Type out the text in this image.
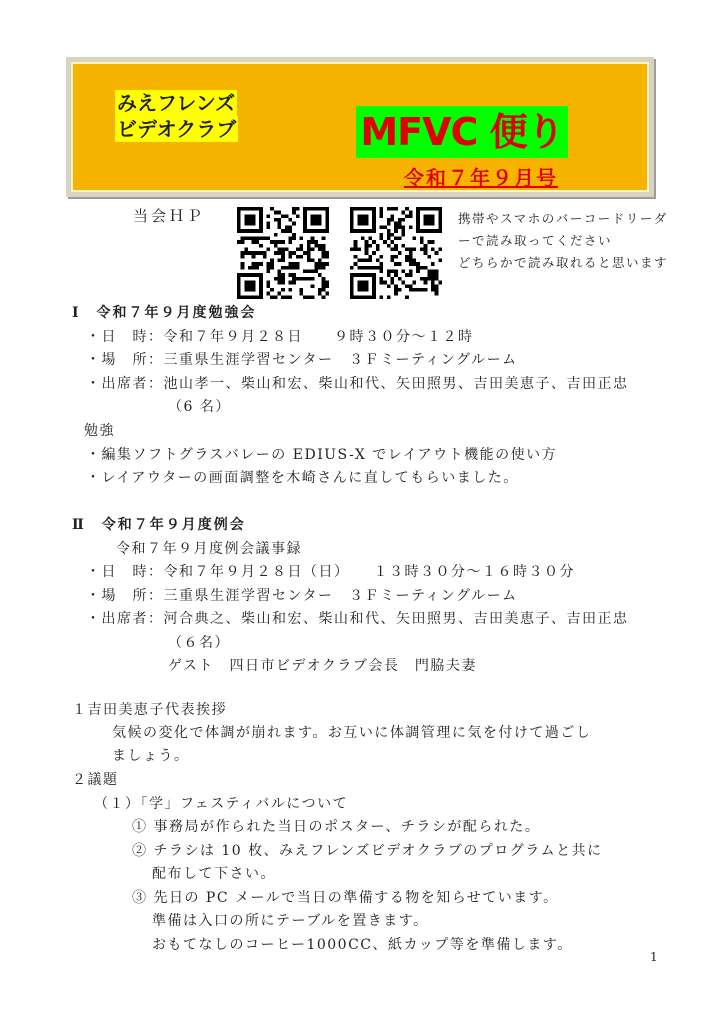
みえフレンズ
ビデオクラブ	MFVC 便り
令和７年９月号
当会ＨＰ	携帯やスマホのバーコードリーダ
ーで読み取ってください
どちらかで読み取れると思います
Ⅰ　令和７年９月度勉強会
・日　時：令和７年９月２８日　　９時３０分～１２時
・場　所：三重県生涯学習センター　３Ｆミーティングルーム
・出席者：池山孝一、柴山和宏、柴山和代、矢田照男、吉田美恵子、吉田正忠
（6 名）
勉強
・編集ソフトグラスバレーの EDIUS-X でレイアウト機能の使い方
・レイアウターの画面調整を木崎さんに直してもらいました。
Ⅱ　令和７年９月度例会
令和７年９月度例会議事録
・日　時：令和７年９月２８日（日）　　１３時３０分～１６時３０分
・場　所：三重県生涯学習センター　３Ｆミーティングルーム
・出席者：河合典之、柴山和宏、柴山和代、矢田照男、吉田美恵子、吉田正忠
（６名）
ゲスト　四日市ビデオクラブ会長　門脇夫妻
１吉田美恵子代表挨拶
気候の変化で体調が崩れます。お互いに体調管理に気を付けて過ごし
ましょう。
２議題
（１）「学」フェスティバルについて
① 事務局が作られた当日のポスター、チラシが配られた。
② チラシは 10 枚、みえフレンズビデオクラブのプログラムと共に
配布して下さい。
③ 先日の PC メールで当日の準備する物を知らせています。
準備は入口の所にテーブルを置きます。
おもてなしのコーヒー1000CC、紙カップ等を準備します。
1
